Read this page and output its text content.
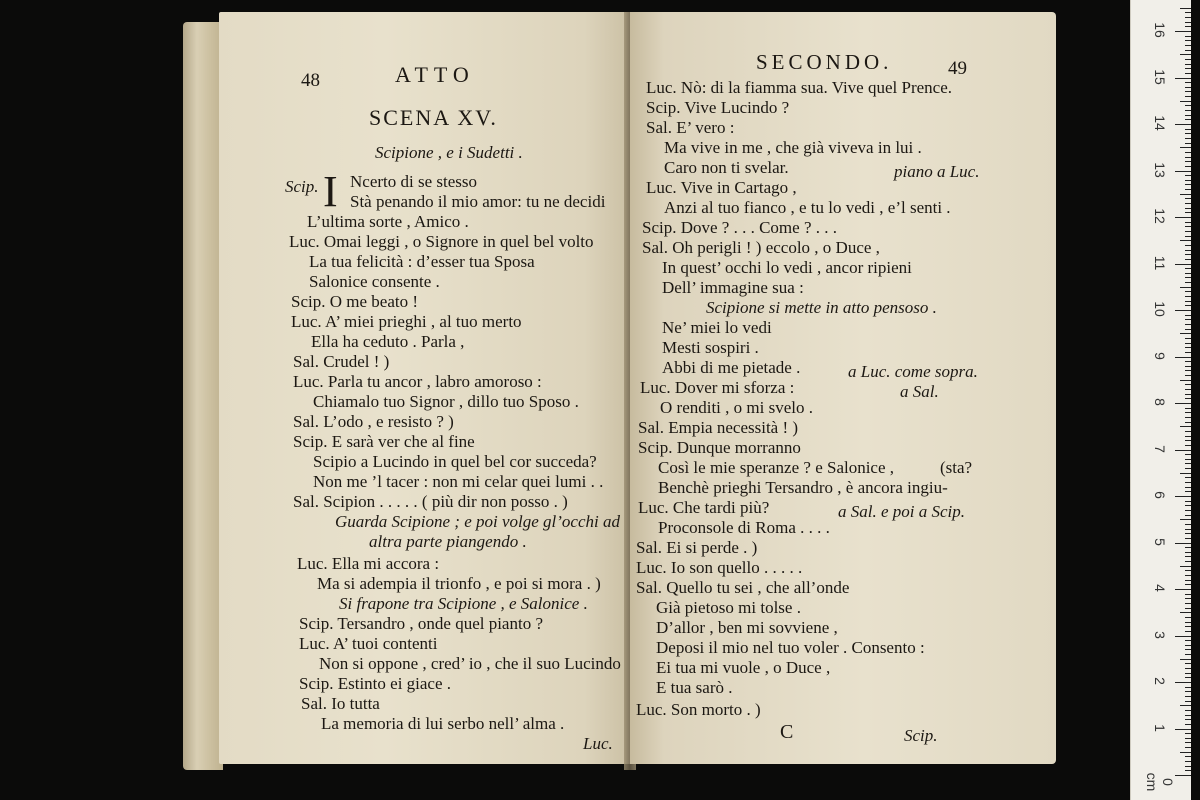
48	ATTO
SCENA XV.
Scipione , e i Sudetti .
Scip. I Ncerto di se stesso
Stà penando il mio amor: tu ne decidi
L’ultima sorte , Amico .
Luc. Omai leggi , o Signore in quel bel volto
La tua felicità : d’esser tua Sposa
Salonice consente .
Scip. O me beato !
Luc. A’ miei prieghi , al tuo merto
Ella ha ceduto . Parla ,
Sal. Crudel ! )
Luc. Parla tu ancor , labro amoroso :
Chiamalo tuo Signor , dillo tuo Sposo .
Sal. L’odo , e resisto ? )
Scip. E sarà ver che al fine
Scipio a Lucindo in quel bel cor succeda?
Non me ’l tacer : non mi celar quei lumi . .
Sal. Scipion . . . . . ( più dir non posso . )
Guarda Scipione ; e poi volge gl’occhi ad
altra parte piangendo .
Luc. Ella mi accora :
Ma si adempia il trionfo , e poi si mora . )
Si frapone tra Scipione , e Salonice .
Scip. Tersandro , onde quel pianto ?
Luc. A’ tuoi contenti
Non si oppone , cred’ io , che il suo Lucindo
Scip. Estinto ei giace .
Sal. Io tutta
La memoria di lui serbo nell’ alma .
Luc.
SECONDO.	49
Luc. Nò: di la fiamma sua. Vive quel Prence.
Scip. Vive Lucindo ?
Sal. E’ vero :
Ma vive in me , che già viveva in lui .
Caro non ti svelar.	piano a Luc.
Luc. Vive in Cartago ,
Anzi al tuo fianco , e tu lo vedi , e’l senti .
Scip. Dove ? . . . Come ? . . .
Sal. Oh perigli ! ) eccolo , o Duce ,
In quest’ occhi lo vedi , ancor ripieni
Dell’ immagine sua :
Scipione si mette in atto pensoso .
Ne’ miei lo vedi
Mesti sospiri .
Abbi di me pietade .	a Luc. come sopra.
Luc. Dover mi sforza :	a Sal.
O renditi , o mi svelo .
Sal. Empia necessità ! )
Scip. Dunque morranno
Così le mie speranze ? e Salonice ,	(sta?
Benchè prieghi Tersandro , è ancora ingiu-
Luc. Che tardi più?	a Sal. e poi a Scip.
Proconsole di Roma . . . .
Sal. Ei si perde . )
Luc. Io son quello . . . . .
Sal. Quello tu sei , che all’onde
Già pietoso mi tolse .
D’allor , ben mi sovviene ,
Deposi il mio nel tuo voler . Consento :
Ei tua mi vuole , o Duce ,
E tua sarò .
Luc. Son morto . )
C	Scip.
0 cm
1
2
3
4
5
6
7
8
9
10
11
12
13
14
15
16
